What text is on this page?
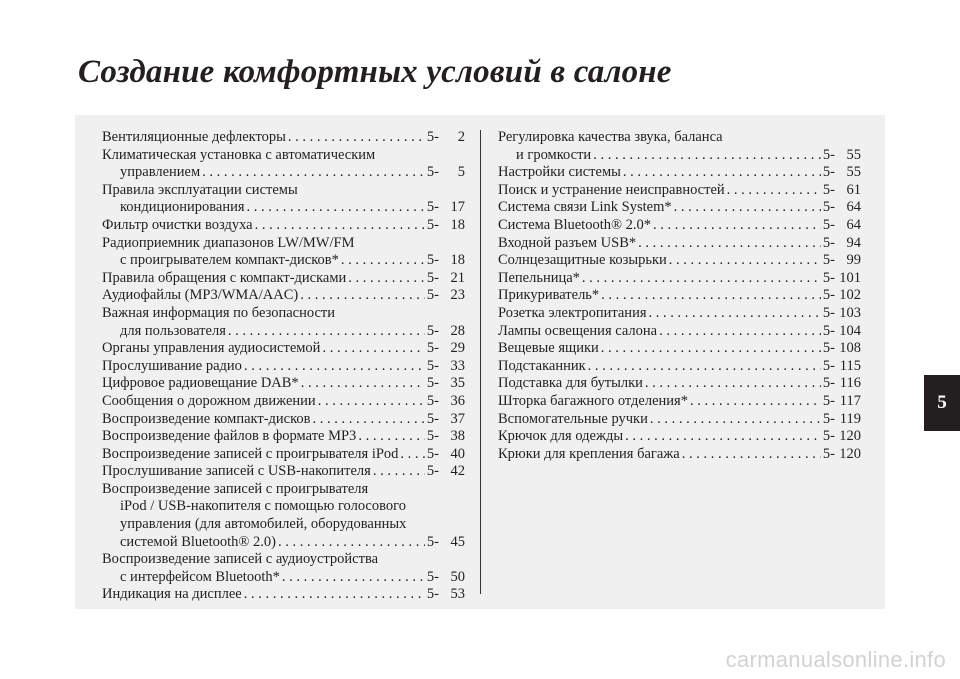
Создание комфортных условий в салоне
Вентиляционные дефлекторы . . .	5-	2
Климатическая установка с автоматическим
управлением . . .	5-	5
Правила эксплуатации системы
кондиционирования . . .	5- 17
Фильтр очистки воздуха . . .	5- 18
Радиоприемник диапазонов LW/MW/FM
с проигрывателем компакт-дисков* . . .	5- 18
Правила обращения с компакт-дисками . . .	5- 21
Аудиофайлы (MP3/WMA/AAC) . . .	5- 23
Важная информация по безопасности
для пользователя . . .	5- 28
Органы управления аудиосистемой . . .	5- 29
Прослушивание радио . . .	5- 33
Цифровое радиовещание DAB* . . .	5- 35
Сообщения о дорожном движении . . .	5- 36
Воспроизведение компакт-дисков . . .	5- 37
Воспроизведение файлов в формате MP3 . . .	5- 38
Воспроизведение записей с проигрывателя iPod . . . 5- 40
Прослушивание записей с USB-накопителя . . .	5- 42
Воспроизведение записей с проигрывателя
iPod / USB-накопителя с помощью голосового
управления (для автомобилей, оборудованных
системой Bluetooth® 2.0) . . .	5- 45
Воспроизведение записей с аудиоустройства
с интерфейсом Bluetooth* . . .	5- 50
Индикация на дисплее . . .	5- 53
Регулировка качества звука, баланса
и громкости . . .	5- 55
Настройки системы . . .	5- 55
Поиск и устранение неисправностей . . .	5- 61
Система связи Link System* . . .	5- 64
Система Bluetooth® 2.0* . . .	5- 64
Входной разъем USB* . . .	5- 94
Солнцезащитные козырьки . . .	5- 99
Пепельница* . . .	5- 101
Прикуриватель* . . .	5- 102
Розетка электропитания . . .	5- 103
Лампы освещения салона . . .	5- 104
Вещевые ящики . . .	5- 108
Подстаканник . . .	5- 115
Подставка для бутылки . . .	5- 116
Шторка багажного отделения* . . .	5- 117
Вспомогательные ручки . . .	5- 119
Крючок для одежды . . .	5- 120
Крюки для крепления багажа . . .	5- 120
5
carmanualsonline.info
